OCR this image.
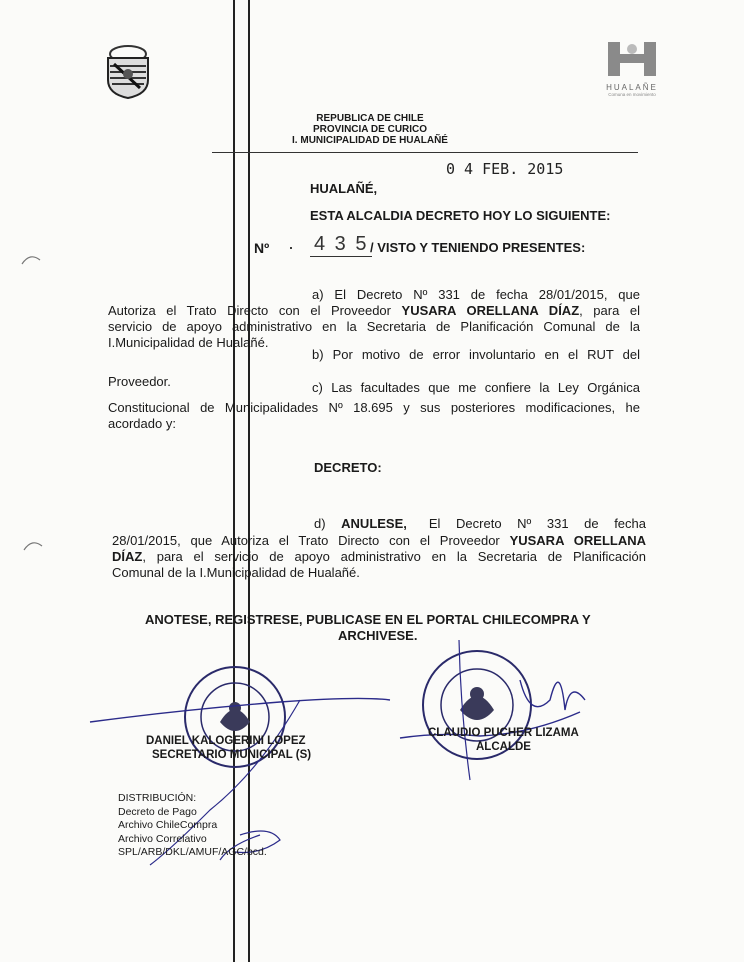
HUALAÑE
Comuna en movimiento
REPUBLICA DE CHILE
PROVINCIA DE CURICO
I. MUNICIPALIDAD DE HUALAÑÉ
0 4 FEB. 2015
HUALAÑÉ,
ESTA ALCALDIA DECRETO HOY LO SIGUIENTE:
Nº · 4 3 5 / VISTO Y TENIENDO PRESENTES:
a) El Decreto Nº 331 de fecha 28/01/2015, que
Autoriza el Trato Directo con el Proveedor YUSARA ORELLANA DÍAZ, para el
servicio de apoyo administrativo en la Secretaria de Planificación Comunal de la
I.Municipalidad de Hualañé.
b) Por motivo de error involuntario en el RUT del
Proveedor.	c) Las facultades que me confiere la Ley Orgánica
Constitucional de Municipalidades Nº 18.695 y sus posteriores modificaciones, he
acordado y:
DECRETO:
d) ANULESE, El Decreto Nº 331 de fecha
28/01/2015, que Autoriza el Trato Directo con el Proveedor YUSARA ORELLANA
DÍAZ, para el servicio de apoyo administrativo en la Secretaria de Planificación
Comunal de la I.Municipalidad de Hualañé.
ANOTESE, REGISTRESE, PUBLICASE EN EL PORTAL CHILECOMPRA Y
ARCHIVESE.
DANIEL KALOGERINI LOPEZ
SECRETARIO MUNICIPAL (S)
CLAUDIO PUCHER LIZAMA
ALCALDE
DISTRIBUCIÓN:
Decreto de Pago
Archivo ChileCompra
Archivo Correlativo
SPL/ARB/DKL/AMUF/AGC/bcd.
